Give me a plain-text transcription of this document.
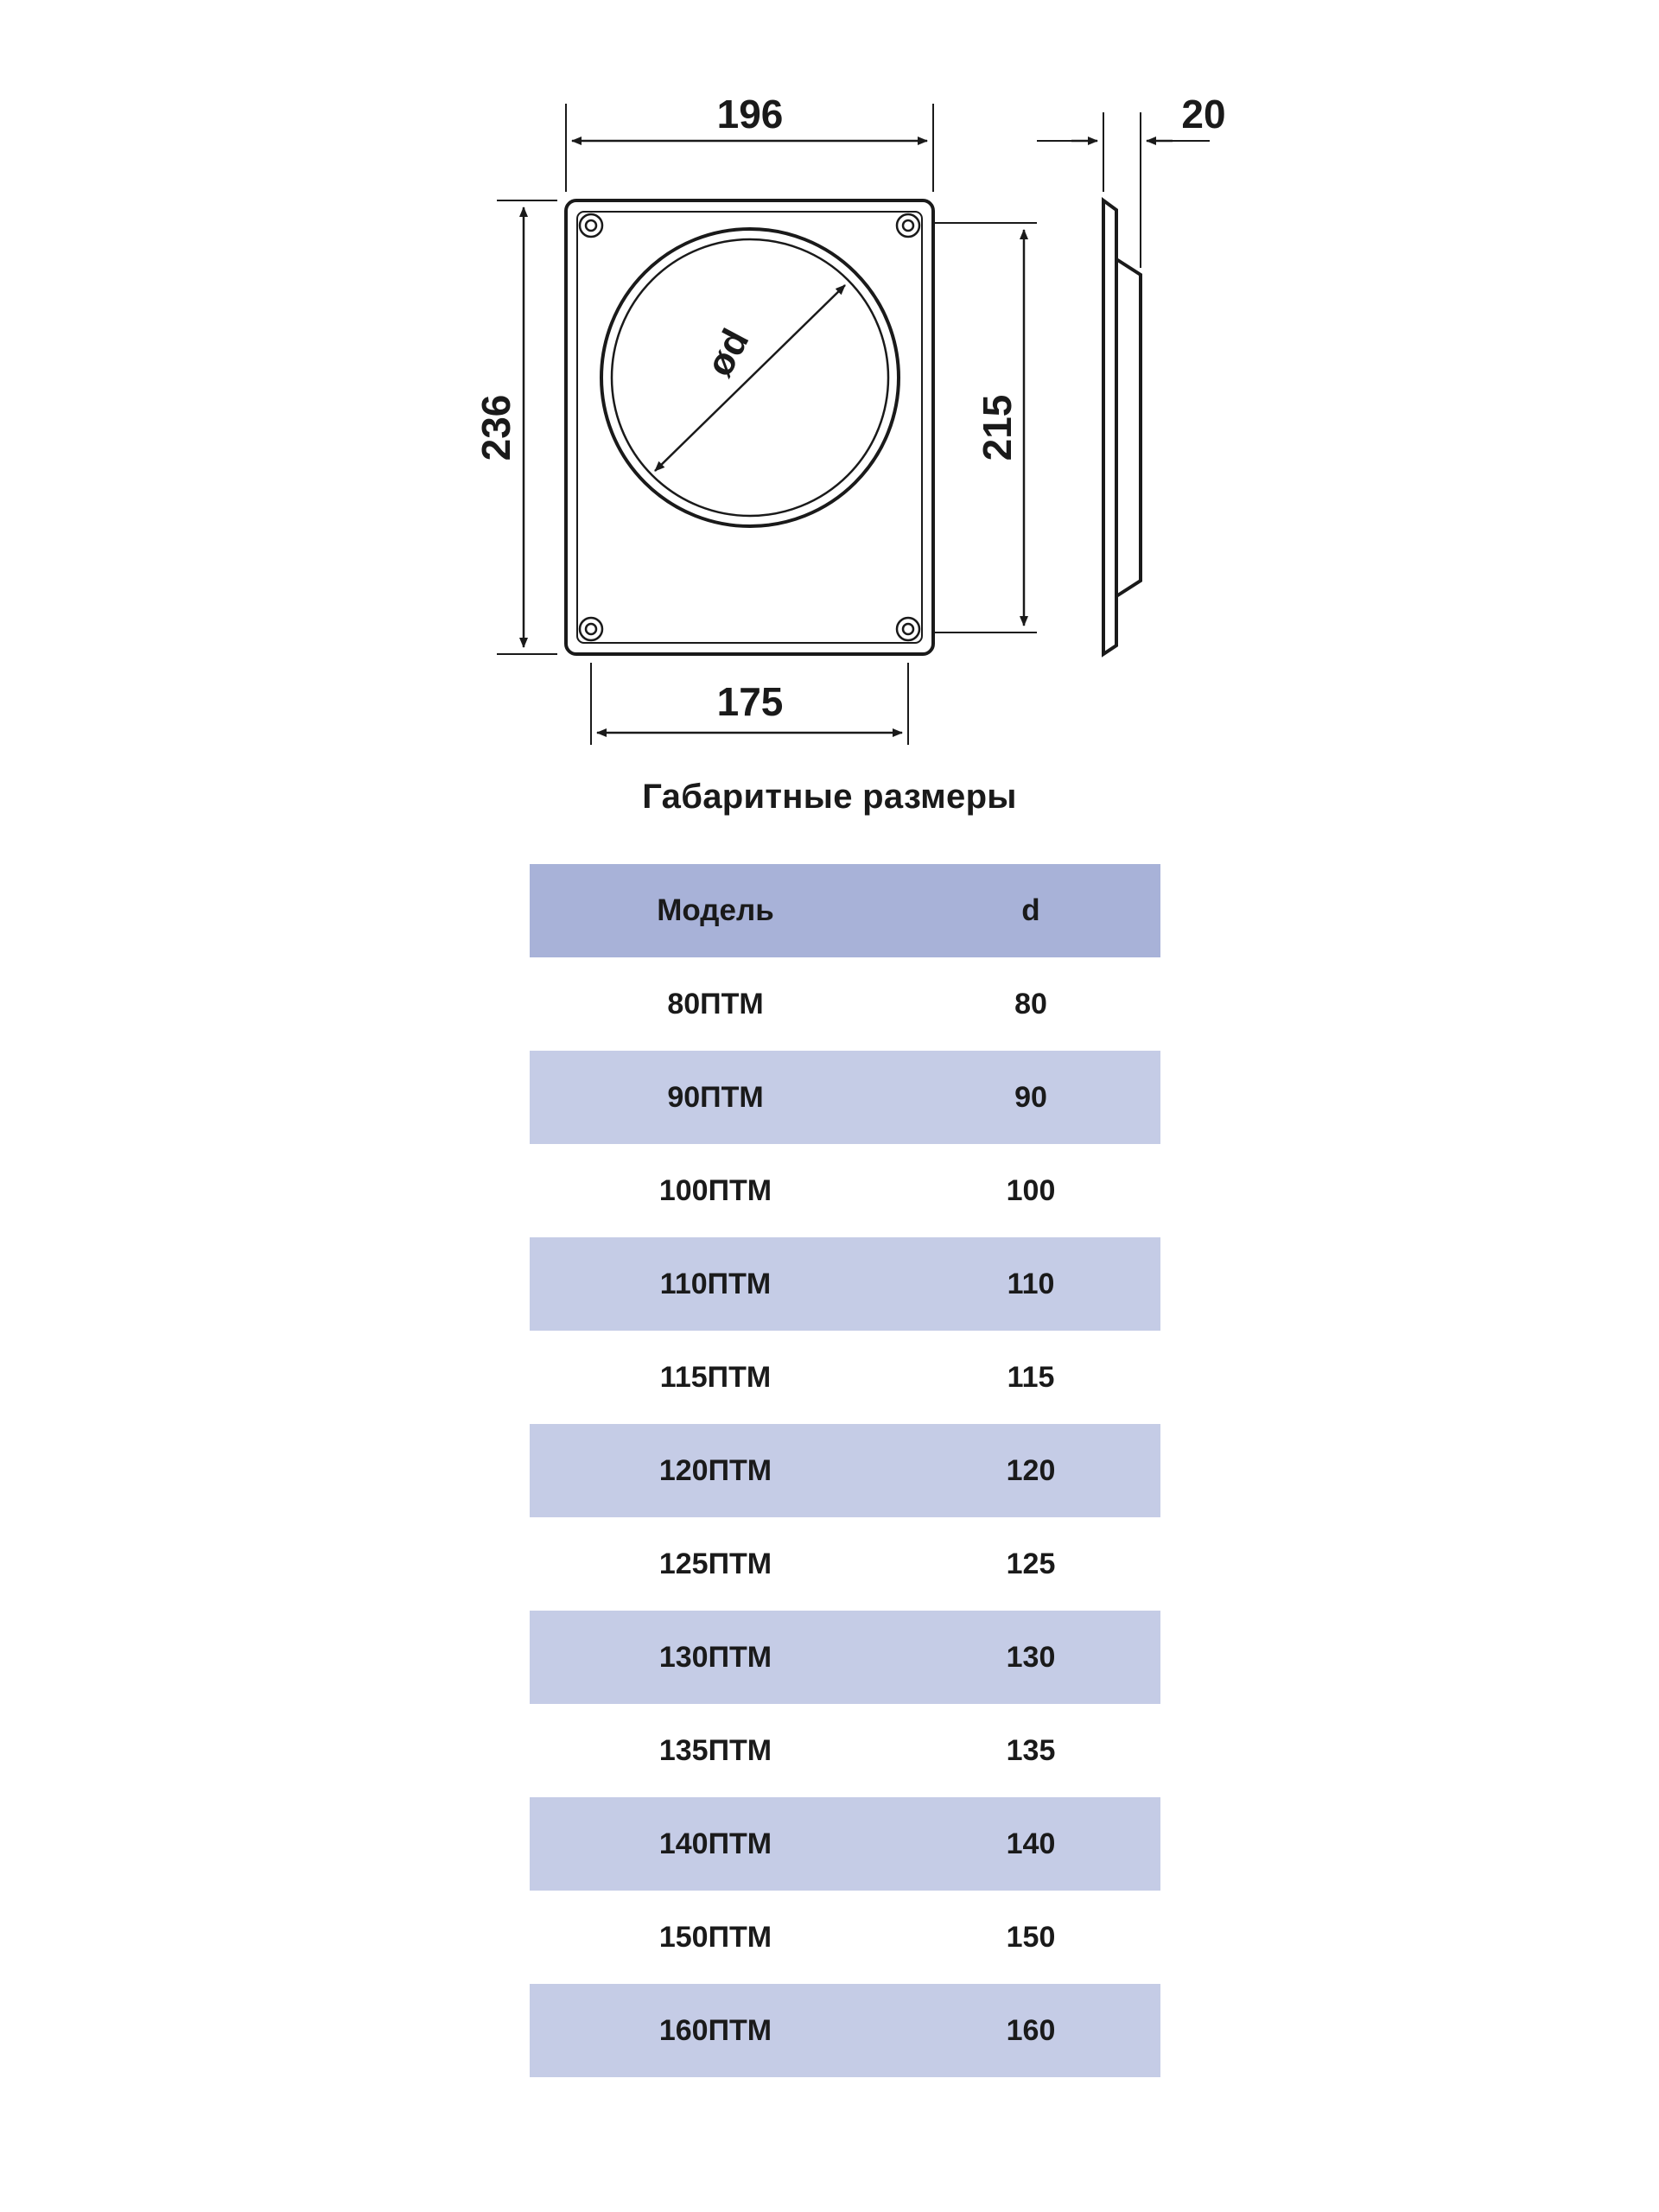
196	20
175
236	215
ød
Габаритные размеры
Модель	d
80ПТМ	80
90ПТМ	90
100ПТМ	100
110ПТМ	110
115ПТМ	115
120ПТМ	120
125ПТМ	125
130ПТМ	130
135ПТМ	135
140ПТМ	140
150ПТМ	150
160ПТМ	160
